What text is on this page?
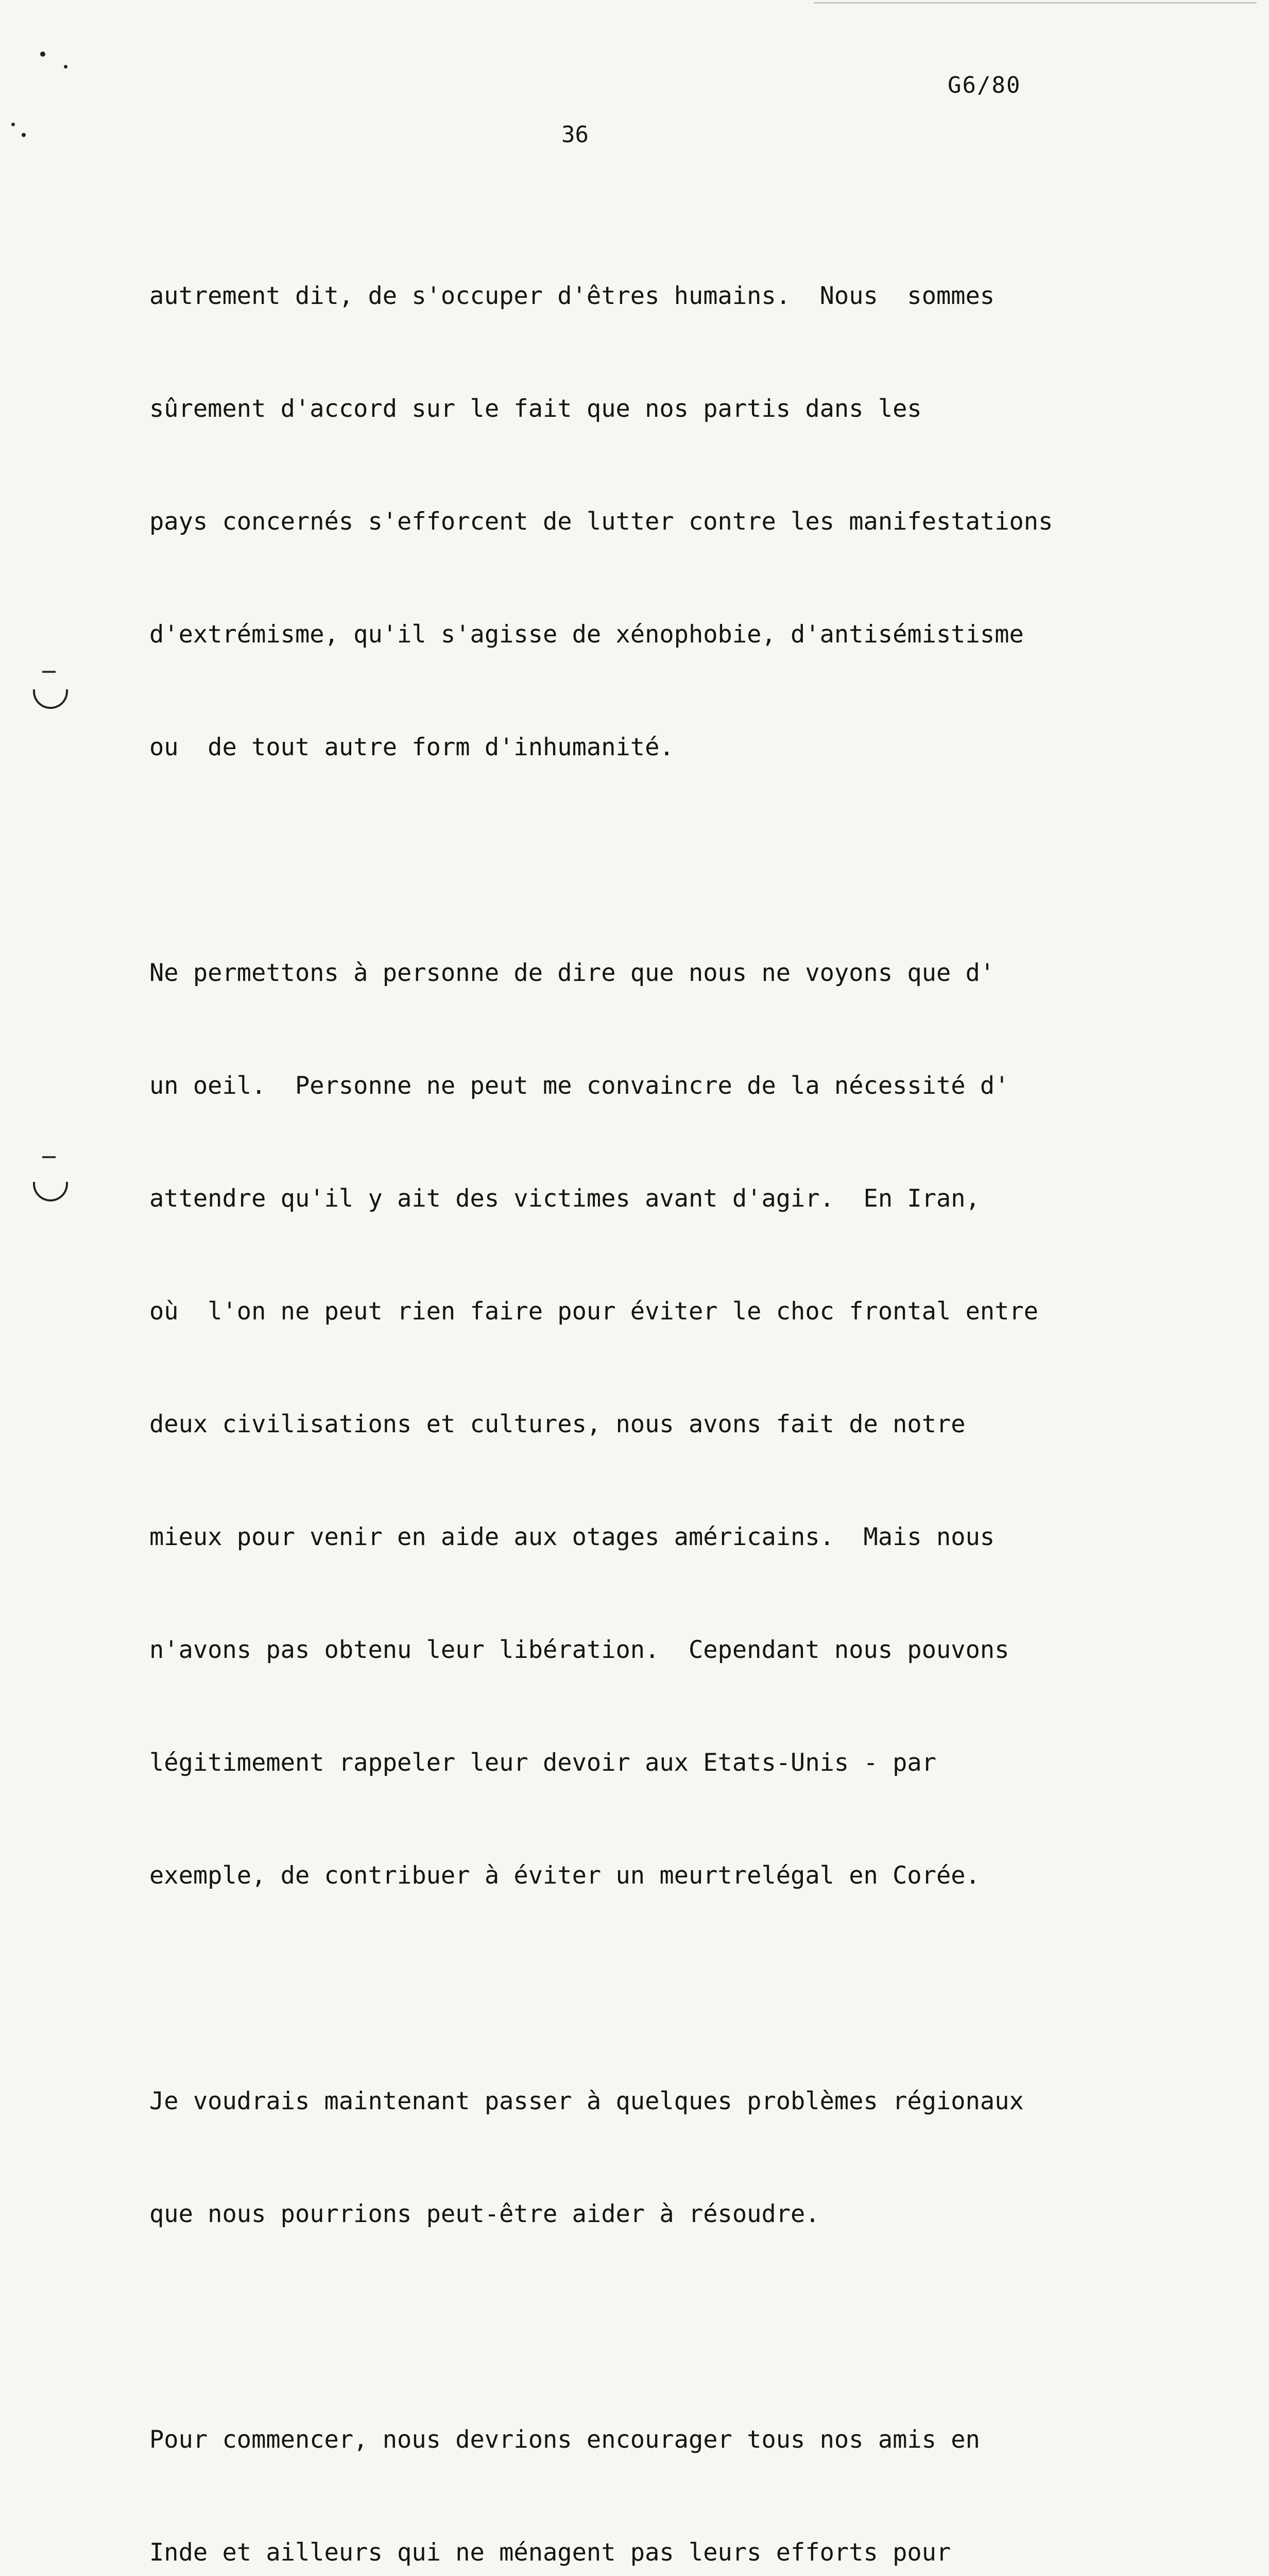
G6/80
36

autrement dit, de s'occuper d'êtres humains.  Nous  sommes

sûrement d'accord sur le fait que nos partis dans les

pays concernés s'efforcent de lutter contre les manifestations

d'extrémisme, qu'il s'agisse de xénophobie, d'antisémistisme

ou  de tout autre form d'inhumanité.

Ne permettons à personne de dire que nous ne voyons que d'

un oeil.  Personne ne peut me convaincre de la nécessité d'

attendre qu'il y ait des victimes avant d'agir.  En Iran,

où  l'on ne peut rien faire pour éviter le choc frontal entre

deux civilisations et cultures, nous avons fait de notre

mieux pour venir en aide aux otages américains.  Mais nous

n'avons pas obtenu leur libération.  Cependant nous pouvons

légitimement rappeler leur devoir aux Etats-Unis - par

exemple, de contribuer à éviter un meurtrelégal en Corée.

Je voudrais maintenant passer à quelques problèmes régionaux

que nous pourrions peut-être aider à résoudre.

Pour commencer, nous devrions encourager tous nos amis en

Inde et ailleurs qui ne ménagent pas leurs efforts pour
